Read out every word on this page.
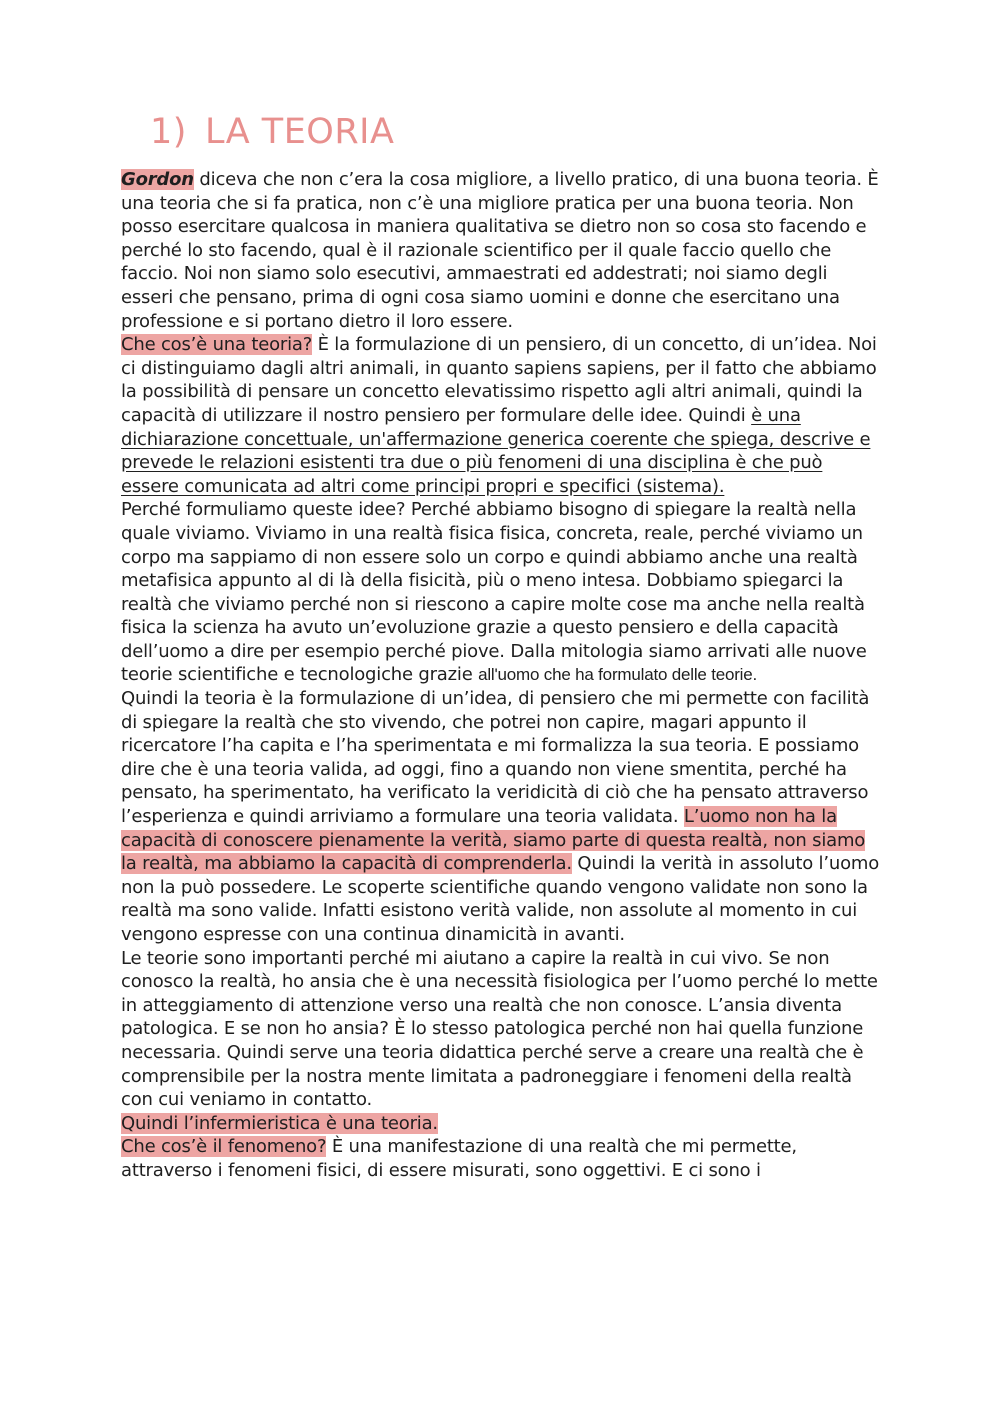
1) LA TEORIA

Gordon diceva che non c’era la cosa migliore, a livello pratico, di una buona teoria. È una teoria che si fa pratica, non c’è una migliore pratica per una buona teoria. Non posso esercitare qualcosa in maniera qualitativa se dietro non so cosa sto facendo e perché lo sto facendo, qual è il razionale scientifico per il quale faccio quello che faccio. Noi non siamo solo esecutivi, ammaestrati ed addestrati; noi siamo degli esseri che pensano, prima di ogni cosa siamo uomini e donne che esercitano una professione e si portano dietro il loro essere.

Che cos’è una teoria? È la formulazione di un pensiero, di un concetto, di un’idea. Noi ci distinguiamo dagli altri animali, in quanto sapiens sapiens, per il fatto che abbiamo la possibilità di pensare un concetto elevatissimo rispetto agli altri animali, quindi la capacità di utilizzare il nostro pensiero per formulare delle idee. Quindi è una dichiarazione concettuale, un'affermazione generica coerente che spiega, descrive e prevede le relazioni esistenti tra due o più fenomeni di una disciplina è che può essere comunicata ad altri come principi propri e specifici (sistema).

Perché formuliamo queste idee? Perché abbiamo bisogno di spiegare la realtà nella quale viviamo. Viviamo in una realtà fisica fisica, concreta, reale, perché viviamo un corpo ma sappiamo di non essere solo un corpo e quindi abbiamo anche una realtà metafisica appunto al di là della fisicità, più o meno intesa. Dobbiamo spiegarci la realtà che viviamo perché non si riescono a capire molte cose ma anche nella realtà fisica la scienza ha avuto un’evoluzione grazie a questo pensiero e della capacità dell’uomo a dire per esempio perché piove. Dalla mitologia siamo arrivati alle nuove teorie scientifiche e tecnologiche grazie all'uomo che ha formulato delle teorie.

Quindi la teoria è la formulazione di un’idea, di pensiero che mi permette con facilità di spiegare la realtà che sto vivendo, che potrei non capire, magari appunto il ricercatore l’ha capita e l’ha sperimentata e mi formalizza la sua teoria. E possiamo dire che è una teoria valida, ad oggi, fino a quando non viene smentita, perché ha pensato, ha sperimentato, ha verificato la veridicità di ciò che ha pensato attraverso l’esperienza e quindi arriviamo a formulare una teoria validata. L’uomo non ha la capacità di conoscere pienamente la verità, siamo parte di questa realtà, non siamo la realtà, ma abbiamo la capacità di comprenderla. Quindi la verità in assoluto l’uomo non la può possedere. Le scoperte scientifiche quando vengono validate non sono la realtà ma sono valide. Infatti esistono verità valide, non assolute al momento in cui vengono espresse con una continua dinamicità in avanti.

Le teorie sono importanti perché mi aiutano a capire la realtà in cui vivo. Se non conosco la realtà, ho ansia che è una necessità fisiologica per l’uomo perché lo mette in atteggiamento di attenzione verso una realtà che non conosce. L’ansia diventa patologica. E se non ho ansia? È lo stesso patologica perché non hai quella funzione necessaria. Quindi serve una teoria didattica perché serve a creare una realtà che è comprensibile per la nostra mente limitata a padroneggiare i fenomeni della realtà con cui veniamo in contatto.

Quindi l’infermieristica è una teoria.

Che cos’è il fenomeno? È una manifestazione di una realtà che mi permette, attraverso i fenomeni fisici, di essere misurati, sono oggettivi. E ci sono i
